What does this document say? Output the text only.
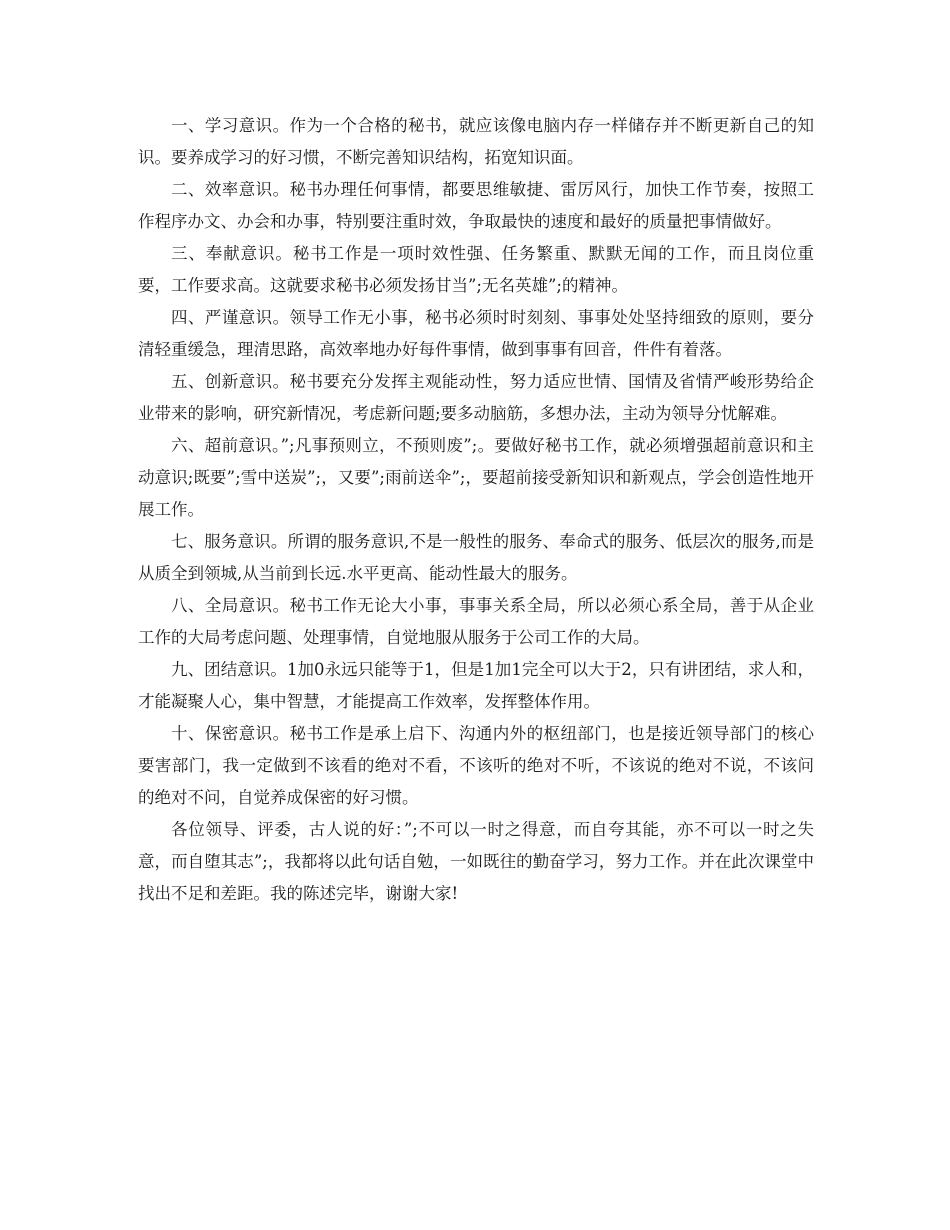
一、学习意识。作为一个合格的秘书，就应该像电脑内存一样储存并不断更新自己的知识。要养成学习的好习惯，不断完善知识结构，拓宽知识面。

二、效率意识。秘书办理任何事情，都要思维敏捷、雷厉风行，加快工作节奏，按照工作程序办文、办会和办事，特别要注重时效，争取最快的速度和最好的质量把事情做好。

三、奉献意识。秘书工作是一项时效性强、任务繁重、默默无闻的工作，而且岗位重要，工作要求高。这就要求秘书必须发扬甘当”;无名英雄”;的精神。

四、严谨意识。领导工作无小事，秘书必须时时刻刻、事事处处坚持细致的原则，要分清轻重缓急，理清思路，高效率地办好每件事情，做到事事有回音，件件有着落。

五、创新意识。秘书要充分发挥主观能动性，努力适应世情、国情及省情严峻形势给企业带来的影响，研究新情况，考虑新问题;要多动脑筋，多想办法，主动为领导分忧解难。

六、超前意识。”;凡事预则立，不预则废”;。要做好秘书工作，就必须增强超前意识和主动意识;既要”;雪中送炭”;，又要”;雨前送伞”;，要超前接受新知识和新观点，学会创造性地开展工作。

七、服务意识。所谓的服务意识,不是一般性的服务、奉命式的服务、低层次的服务,而是从质全到领城,从当前到长远.水平更高、能动性最大的服务。

八、全局意识。秘书工作无论大小事，事事关系全局，所以必须心系全局，善于从企业工作的大局考虑问题、处理事情，自觉地服从服务于公司工作的大局。

九、团结意识。1加0永远只能等于1，但是1加1完全可以大于2，只有讲团结，求人和，才能凝聚人心，集中智慧，才能提高工作效率，发挥整体作用。

十、保密意识。秘书工作是承上启下、沟通内外的枢纽部门，也是接近领导部门的核心要害部门，我一定做到不该看的绝对不看，不该听的绝对不听，不该说的绝对不说，不该问的绝对不问，自觉养成保密的好习惯。

各位领导、评委，古人说的好：”;不可以一时之得意，而自夸其能，亦不可以一时之失意，而自堕其志”;，我都将以此句话自勉，一如既往的勤奋学习，努力工作。并在此次课堂中找出不足和差距。我的陈述完毕，谢谢大家!
